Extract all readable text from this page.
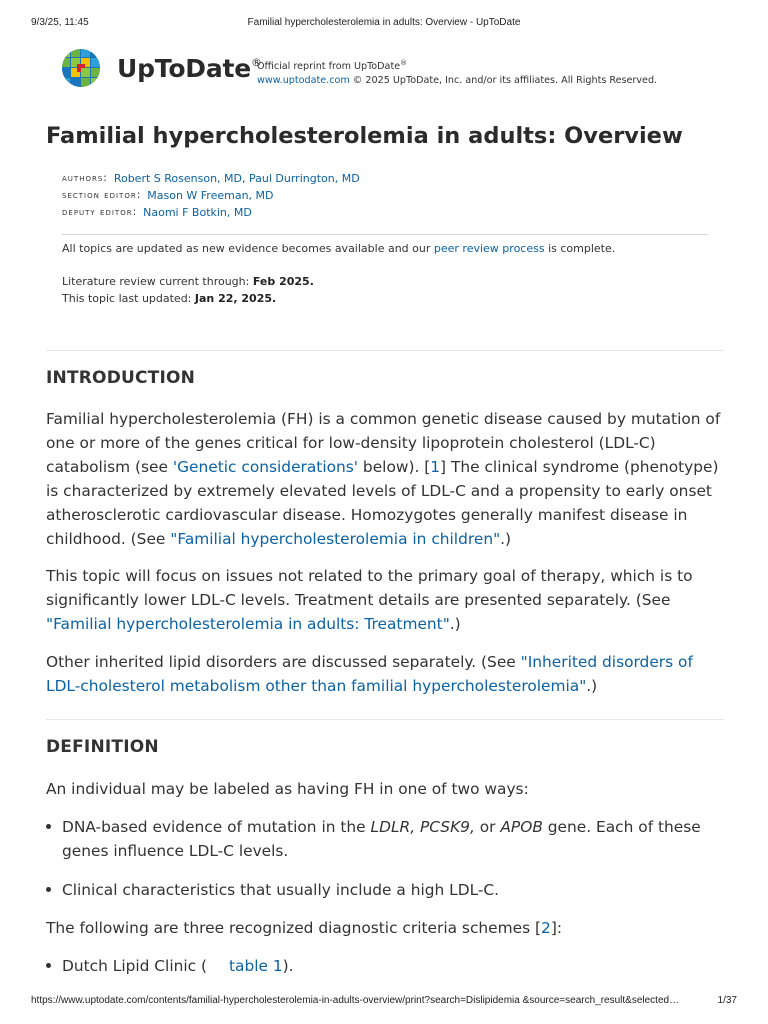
9/3/25, 11:45	Familial hypercholesterolemia in adults: Overview - UpToDate
UpToDate®
Official reprint from UpToDate®
www.uptodate.com © 2025 UpToDate, Inc. and/or its affiliates. All Rights Reserved.
Familial hypercholesterolemia in adults: Overview
authors: Robert S Rosenson, MD, Paul Durrington, MD
section editor: Mason W Freeman, MD
deputy editor: Naomi F Botkin, MD
All topics are updated as new evidence becomes available and our peer review process is complete.
Literature review current through: Feb 2025.
This topic last updated: Jan 22, 2025.
INTRODUCTION

Familial hypercholesterolemia (FH) is a common genetic disease caused by mutation of one or more of the genes critical for low-density lipoprotein cholesterol (LDL-C) catabolism (see 'Genetic considerations' below). [1] The clinical syndrome (phenotype) is characterized by extremely elevated levels of LDL-C and a propensity to early onset atherosclerotic cardiovascular disease. Homozygotes generally manifest disease in childhood. (See "Familial hypercholesterolemia in children".)

This topic will focus on issues not related to the primary goal of therapy, which is to significantly lower LDL-C levels. Treatment details are presented separately. (See "Familial hypercholesterolemia in adults: Treatment".)

Other inherited lipid disorders are discussed separately. (See "Inherited disorders of LDL-cholesterol metabolism other than familial hypercholesterolemia".)

DEFINITION

An individual may be labeled as having FH in one of two ways:

DNA-based evidence of mutation in the LDLR, PCSK9, or APOB gene. Each of these genes influence LDL-C levels.
Clinical characteristics that usually include a high LDL-C.

The following are three recognized diagnostic criteria schemes [2]:

Dutch Lipid Clinic ( table 1).
https://www.uptodate.com/contents/familial-hypercholesterolemia-in-adults-overview/print?search=Dislipidemia &source=search_result&selected…	1/37
